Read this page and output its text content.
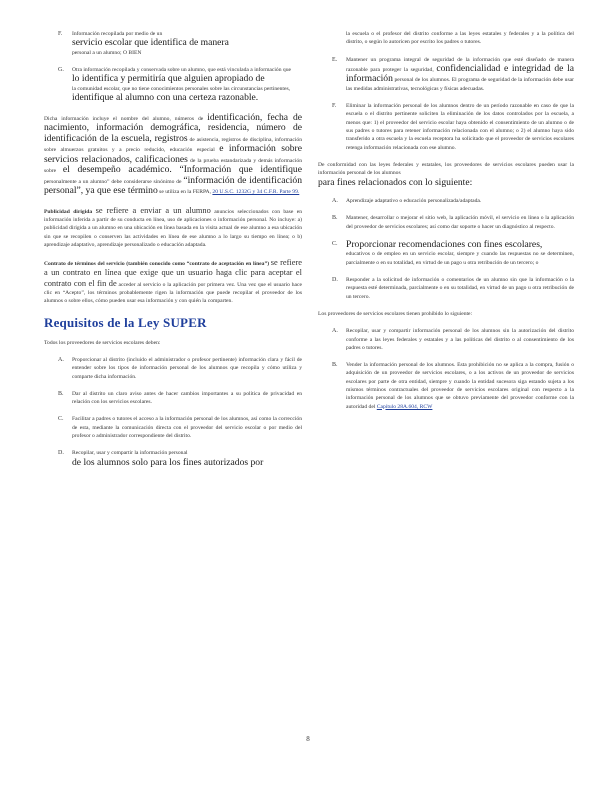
F.	Información recopilada por medio de un
servicio escolar que identifica de manera
personal a un alumno; O BIEN
G.	Otra información recopilada y conservada sobre un alumno, que está vinculada a información que
lo identifica y permitiría que alguien apropiado de
la comunidad escolar, que no tiene conocimientos personales sobre las circunstancias pertinentes,
identifique al alumno con una certeza razonable.

Dicha información incluye el nombre del alumno, números de identificación, fecha de nacimiento, información demográfica, residencia, número de identificación de la escuela, registros de asistencia, registros de disciplina, información sobre almuerzos gratuitos y a precio reducido, educación especial e información sobre servicios relacionados, calificaciones de la prueba estandarizada y demás información sobre el desempeño académico. “Información que identifique personalmente a un alumno” debe considerarse sinónimo de “información de identificación personal”, ya que ese término se utiliza en la FERPA, 20 U.S.C. 1232G y 34 C.F.R. Parte 99.

Publicidad dirigida se refiere a enviar a un alumno anuncios seleccionados con base en información inferida a partir de su conducta en línea, uso de aplicaciones o información personal. No incluye: a) publicidad dirigida a un alumno en una ubicación en línea basada en la visita actual de ese alumno a esa ubicación sin que se recopilen o conserven las actividades en línea de ese alumno a lo largo su tiempo en línea; o b) aprendizaje adaptativo, aprendizaje personalizado o educación adaptada.

Contrato de términos del servicio (también conocido como “contrato de aceptación en línea”) se refiere a un contrato en línea que exige que un usuario haga clic para aceptar el contrato con el fin de acceder al servicio o la aplicación por primera vez. Una vez que el usuario hace clic en “Acepto”, los términos probablemente rigen la información que puede recopilar el proveedor de los alumnos o sobre ellos, cómo pueden usar esa información y con quién la comparten.

Requisitos de la Ley SUPER

Todos los proveedores de servicios escolares deben:

A.	Proporcionar al distrito (incluido el administrador o profesor pertinente) información clara y fácil de entender sobre los tipos de información personal de los alumnos que recopila y cómo utiliza y comparte dicha información.
B.	Dar al distrito un claro aviso antes de hacer cambios importantes a su política de privacidad en relación con los servicios escolares.
C.	Facilitar a padres o tutores el acceso a la información personal de los alumnos, así como la corrección de esta, mediante la comunicación directa con el proveedor del servicio escolar o por medio del profesor o administrador correspondiente del distrito.
D.	Recopilar, usar y compartir la información personal
de los alumnos solo para los fines autorizados por

la escuela o el profesor del distrito conforme a las leyes estatales y federales y a la política del distrito, o según lo autoricen por escrito los padres o tutores.

E.	Mantener un programa integral de seguridad de la información que esté diseñado de manera razonable para proteger la seguridad, confidencialidad e integridad de la información personal de los alumnos. El programa de seguridad de la información debe usar las medidas administrativas, tecnológicas y físicas adecuadas.
F.	Eliminar la información personal de los alumnos dentro de un período razonable en caso de que la escuela o el distrito pertinente soliciten la eliminación de los datos controlados por la escuela, a menos que: 1) el proveedor del servicio escolar haya obtenido el consentimiento de un alumno o de sus padres o tutores para retener información relacionada con el alumno; o 2) el alumno haya sido transferido a otra escuela y la escuela receptora ha solicitado que el proveedor de servicios escolares retenga información relacionada con ese alumno.

De conformidad con las leyes federales y estatales, los proveedores de servicios escolares pueden usar la información personal de los alumnos
para fines relacionados con lo siguiente:

A.	Aprendizaje adaptativo o educación personalizada/adaptada.
B.	Mantener, desarrollar o mejorar el sitio web, la aplicación móvil, el servicio en línea o la aplicación del proveedor de servicios escolares; así como dar soporte o hacer un diagnóstico al respecto.
C. Proporcionar recomendaciones con fines escolares,
educativos o de empleo en un servicio escolar, siempre y cuando las respuestas no se determinen, parcialmente o en su totalidad, en virtud de un pago u otra retribución de un tercero; o
D.	Responder a la solicitud de información o comentarios de un alumno sin que la información o la respuesta esté determinada, parcialmente o en su totalidad, en virtud de un pago u otra retribución de un tercero.

Los proveedores de servicios escolares tienen prohibido lo siguiente:

A.	Recopilar, usar y compartir información personal de los alumnos sin la autorización del distrito conforme a las leyes federales y estatales y a las políticas del distrito o al consentimiento de los padres o tutores.
B.	Vender la información personal de los alumnos. Esta prohibición no se aplica a la compra, fusión o adquisición de un proveedor de servicios escolares, o a los activos de un proveedor de servicios escolares por parte de otra entidad, siempre y cuando la entidad sucesora siga estando sujeta a los mismos términos contractuales del proveedor de servicios escolares original con respecto a la información personal de los alumnos que se obtuvo previamente del proveedor conforme con la autoridad del Capítulo 28A.604, RCW
8
